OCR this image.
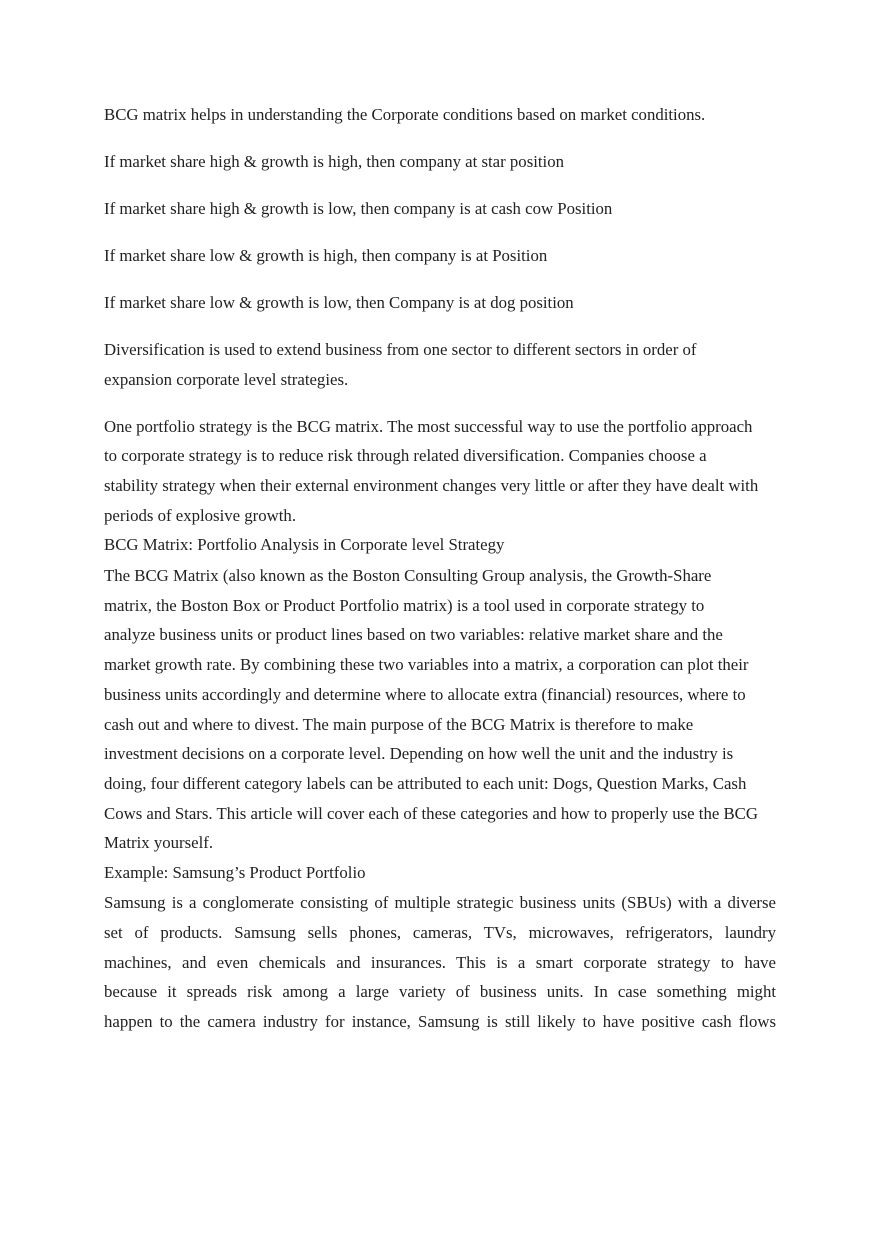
BCG matrix helps in understanding the Corporate conditions based on market conditions.
If market share high & growth is high, then company at star position
If market share high & growth is low, then company is at cash cow Position
If market share low & growth is high, then company is at Position
If market share low & growth is low, then Company is at dog position
Diversification is used to extend business from one sector to different sectors in order of
expansion corporate level strategies.
One portfolio strategy is the BCG matrix. The most successful way to use the portfolio approach
to corporate strategy is to reduce risk through related diversification. Companies choose a
stability strategy when their external environment changes very little or after they have dealt with
periods of explosive growth.
BCG Matrix: Portfolio Analysis in Corporate level Strategy
The BCG Matrix (also known as the Boston Consulting Group analysis, the Growth-Share
matrix, the Boston Box or Product Portfolio matrix) is a tool used in corporate strategy to
analyze business units or product lines based on two variables: relative market share and the
market growth rate. By combining these two variables into a matrix, a corporation can plot their
business units accordingly and determine where to allocate extra (financial) resources, where to
cash out and where to divest. The main purpose of the BCG Matrix is therefore to make
investment decisions on a corporate level. Depending on how well the unit and the industry is
doing, four different category labels can be attributed to each unit: Dogs, Question Marks, Cash
Cows and Stars. This article will cover each of these categories and how to properly use the BCG
Matrix yourself.
Example: Samsung’s Product Portfolio
Samsung is a conglomerate consisting of multiple strategic business units (SBUs) with a diverse
set of products. Samsung sells phones, cameras, TVs, microwaves, refrigerators, laundry
machines, and even chemicals and insurances. This is a smart corporate strategy to have
because it spreads risk among a large variety of business units. In case something might
happen to the camera industry for instance, Samsung is still likely to have positive cash flows
